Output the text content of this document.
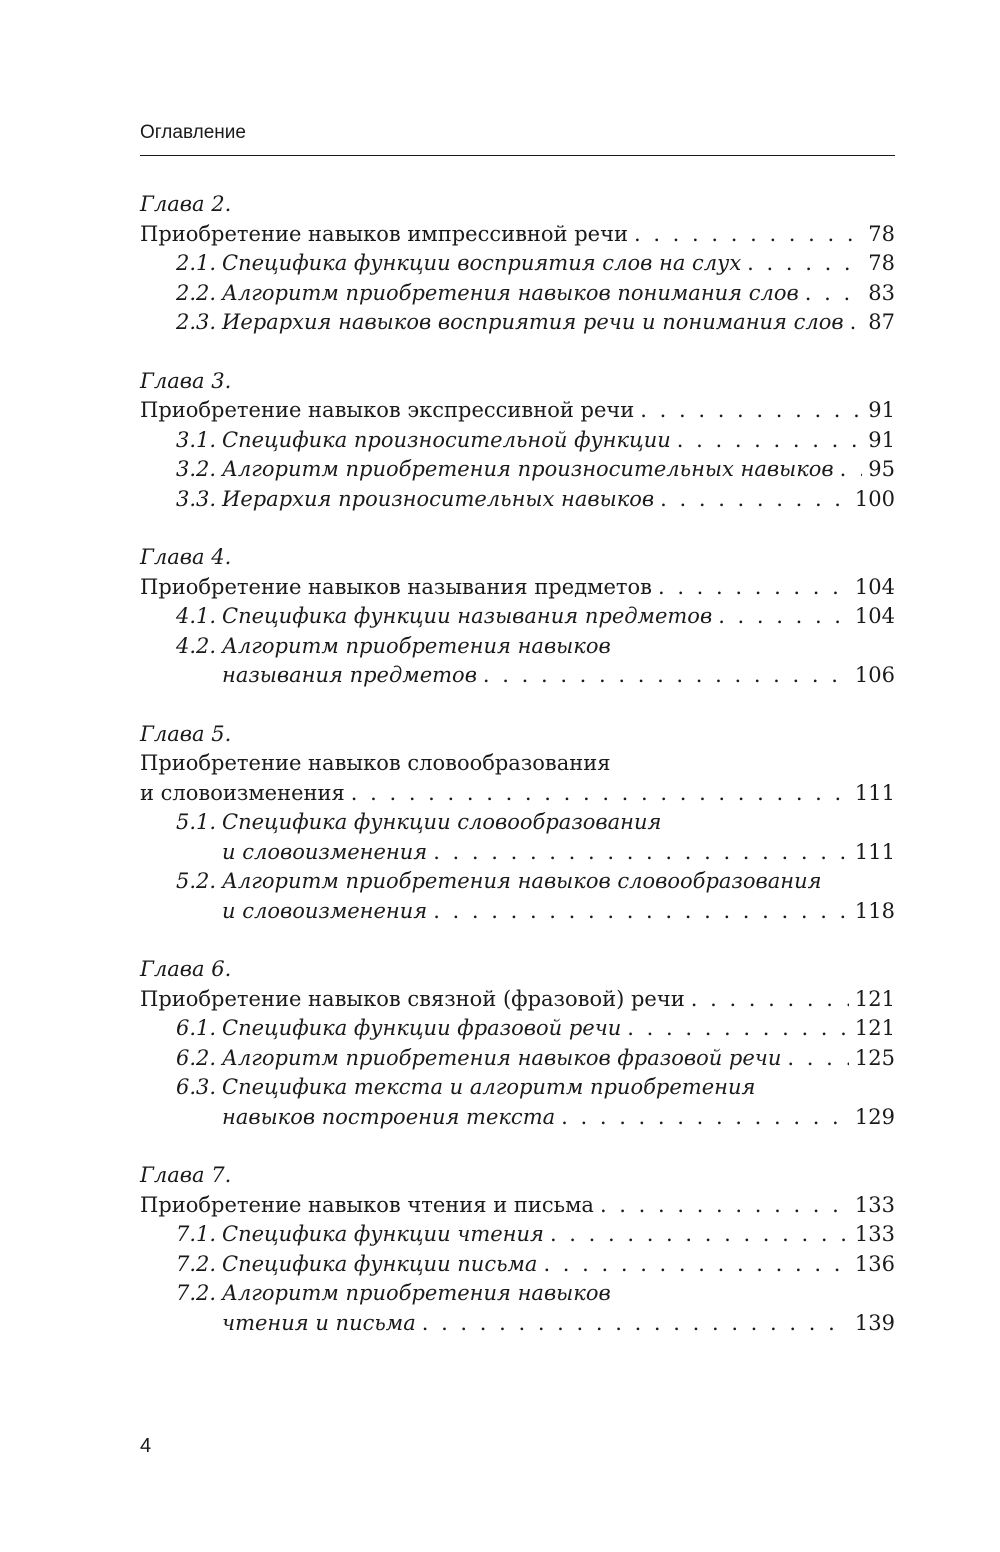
Оглавление
Глава 2.
Приобретение навыков импрессивной речи . . .	78
2.1. Специфика функции восприятия слов на слух . . .	78
2.2. Алгоритм приобретения навыков понимания слов . . .	83
2.3. Иерархия навыков восприятия речи и понимания слов . . . 87
Глава 3.
Приобретение навыков экспрессивной речи . . .	91
3.1. Специфика произносительной функции . . .	91
3.2. Алгоритм приобретения произносительных навыков . . . 95
3.3. Иерархия произносительных навыков . . .	100
Глава 4.
Приобретение навыков называния предметов . . .	104
4.1. Специфика функции называния предметов . . .	104
4.2. Алгоритм приобретения навыков
называния предметов . . .	106
Глава 5.
Приобретение навыков словообразования
и словоизменения . . .	111
5.1. Специфика функции словообразования
и словоизменения . . .	111
5.2. Алгоритм приобретения навыков словообразования
и словоизменения . . .	118
Глава 6.
Приобретение навыков связной (фразовой) речи . . .	121
6.1. Специфика функции фразовой речи . . .	121
6.2. Алгоритм приобретения навыков фразовой речи . . .	125
6.3. Специфика текста и алгоритм приобретения
навыков построения текста . . .	129
Глава 7.
Приобретение навыков чтения и письма . . .	133
7.1. Специфика функции чтения . . .	133
7.2. Специфика функции письма . . .	136
7.2. Алгоритм приобретения навыков
чтения и письма . . .	139
4
